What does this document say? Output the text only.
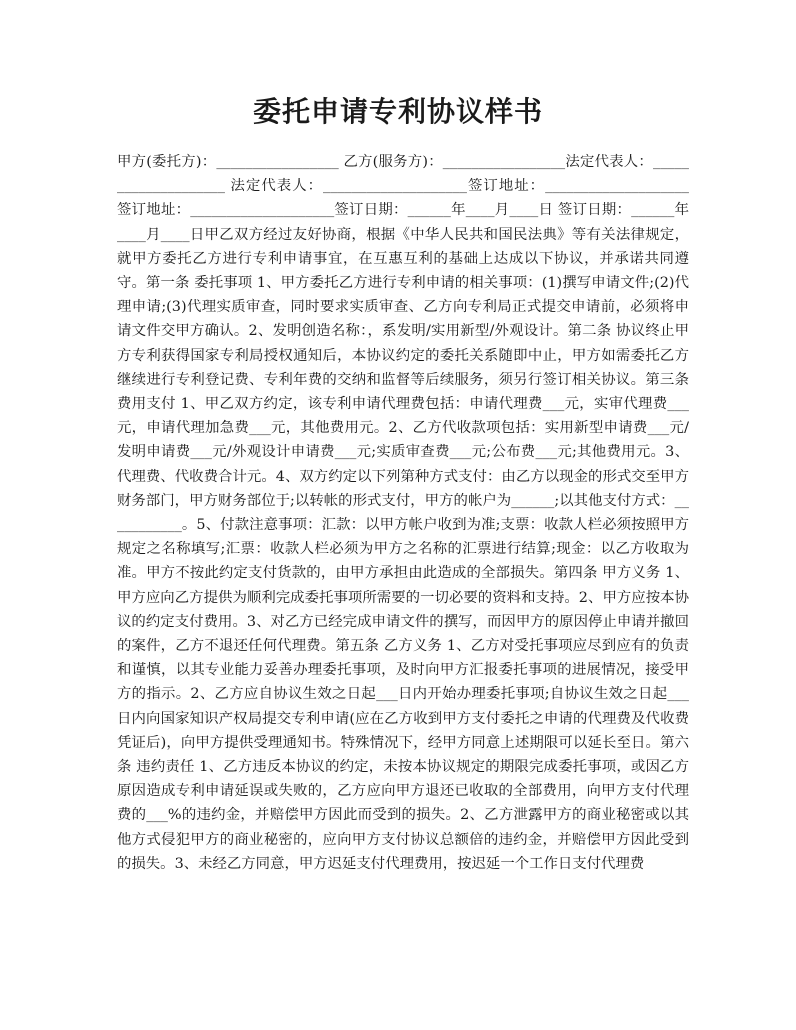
委托申请专利协议样书
甲方(委托方)：_________________ 乙方(服务方)：_________________法定代表人：____________________ 法定代表人：____________________签订地址：____________________ 签订地址：____________________签订日期：______年____月____日 签订日期：______年____月____日甲乙双方经过友好协商，根据《中华人民共和国民法典》等有关法律规定，就甲方委托乙方进行专利申请事宜，在互惠互利的基础上达成以下协议，并承诺共同遵守。第一条 委托事项 1、甲方委托乙方进行专利申请的相关事项：(1)撰写申请文件;(2)代理申请;(3)代理实质审查，同时要求实质审查、乙方向专利局正式提交申请前，必须将申请文件交甲方确认。2、发明创造名称：，系发明/实用新型/外观设计。第二条 协议终止甲方专利获得国家专利局授权通知后，本协议约定的委托关系随即中止，甲方如需委托乙方继续进行专利登记费、专利年费的交纳和监督等后续服务，须另行签订相关协议。第三条 费用支付 1、甲乙双方约定，该专利申请代理费包括：申请代理费___元，实审代理费___元，申请代理加急费___元，其他费用元。2、乙方代收款项包括：实用新型申请费___元/发明申请费___元/外观设计申请费___元;实质审查费___元;公布费___元;其他费用元。3、代理费、代收费合计元。4、双方约定以下列第种方式支付：由乙方以现金的形式交至甲方财务部门，甲方财务部位于;以转帐的形式支付，甲方的帐户为______;以其他支付方式：___________。5、付款注意事项：汇款：以甲方帐户收到为准;支票：收款人栏必须按照甲方规定之名称填写;汇票：收款人栏必须为甲方之名称的汇票进行结算;现金：以乙方收取为准。甲方不按此约定支付货款的，由甲方承担由此造成的全部损失。第四条 甲方义务 1、甲方应向乙方提供为顺利完成委托事项所需要的一切必要的资料和支持。2、甲方应按本协议的约定支付费用。3、对乙方已经完成申请文件的撰写，而因甲方的原因停止申请并撤回的案件，乙方不退还任何代理费。第五条 乙方义务 1、乙方对受托事项应尽到应有的负责和谨慎，以其专业能力妥善办理委托事项，及时向甲方汇报委托事项的进展情况，接受甲方的指示。2、乙方应自协议生效之日起___日内开始办理委托事项;自协议生效之日起___日内向国家知识产权局提交专利申请(应在乙方收到甲方支付委托之申请的代理费及代收费凭证后)，向甲方提供受理通知书。特殊情况下，经甲方同意上述期限可以延长至日。第六条 违约责任 1、乙方违反本协议的约定，未按本协议规定的期限完成委托事项，或因乙方原因造成专利申请延误或失败的，乙方应向甲方退还已收取的全部费用，向甲方支付代理费的___%的违约金，并赔偿甲方因此而受到的损失。2、乙方泄露甲方的商业秘密或以其他方式侵犯甲方的商业秘密的，应向甲方支付协议总额倍的违约金，并赔偿甲方因此受到的损失。3、未经乙方同意，甲方迟延支付代理费用，按迟延一个工作日支付代理费
